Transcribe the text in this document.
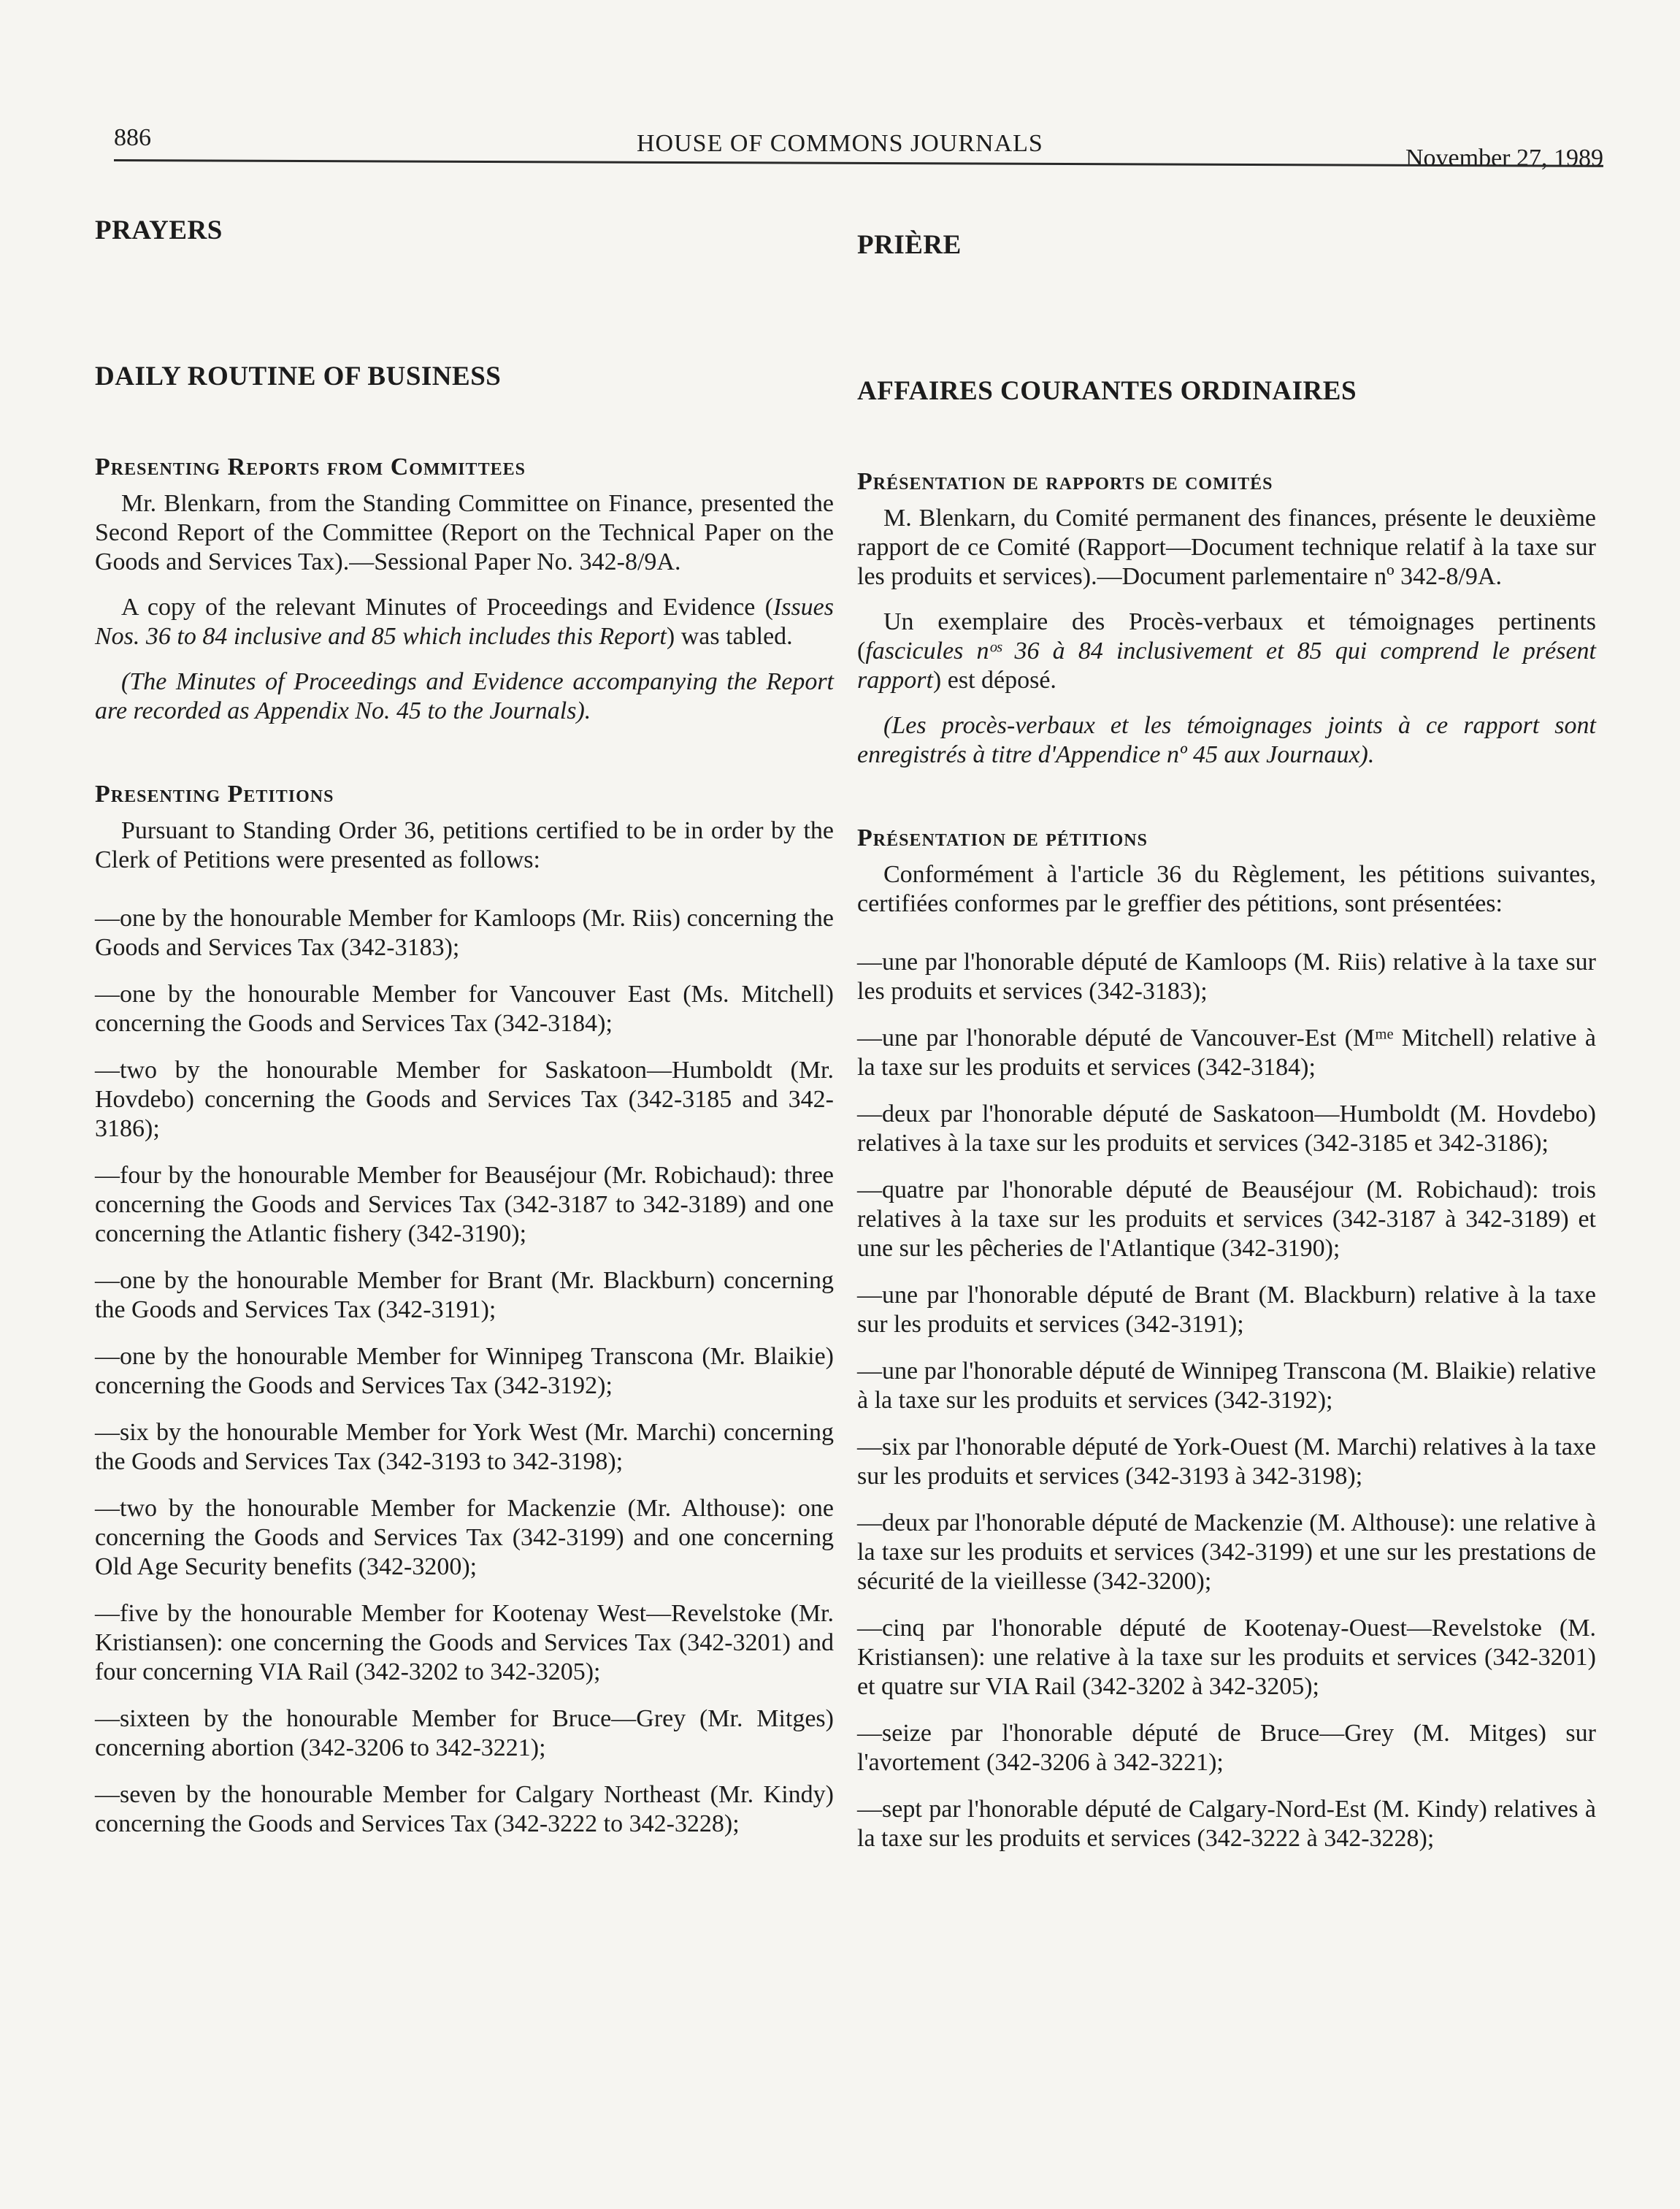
886	HOUSE OF COMMONS JOURNALS
November 27, 1989
PRAYERS
DAILY ROUTINE OF BUSINESS
Presenting Reports from Committees

Mr. Blenkarn, from the Standing Committee on Finance, presented the Second Report of the Committee (Report on the Technical Paper on the Goods and Services Tax).—Sessional Paper No. 342-8/9A.

A copy of the relevant Minutes of Proceedings and Evidence (Issues Nos. 36 to 84 inclusive and 85 which includes this Report) was tabled.

(The Minutes of Proceedings and Evidence accompanying the Report are recorded as Appendix No. 45 to the Journals).

Presenting Petitions

Pursuant to Standing Order 36, petitions certified to be in order by the Clerk of Petitions were presented as follows:

—one by the honourable Member for Kamloops (Mr. Riis) concerning the Goods and Services Tax (342-3183);
—one by the honourable Member for Vancouver East (Ms. Mitchell) concerning the Goods and Services Tax (342-3184);
—two by the honourable Member for Saskatoon—Humboldt (Mr. Hovdebo) concerning the Goods and Services Tax (342-3185 and 342-3186);
—four by the honourable Member for Beauséjour (Mr. Robichaud): three concerning the Goods and Services Tax (342-3187 to 342-3189) and one concerning the Atlantic fishery (342-3190);
—one by the honourable Member for Brant (Mr. Blackburn) concerning the Goods and Services Tax (342-3191);
—one by the honourable Member for Winnipeg Transcona (Mr. Blaikie) concerning the Goods and Services Tax (342-3192);
—six by the honourable Member for York West (Mr. Marchi) concerning the Goods and Services Tax (342-3193 to 342-3198);
—two by the honourable Member for Mackenzie (Mr. Althouse): one concerning the Goods and Services Tax (342-3199) and one concerning Old Age Security benefits (342-3200);
—five by the honourable Member for Kootenay West—Revelstoke (Mr. Kristiansen): one concerning the Goods and Services Tax (342-3201) and four concerning VIA Rail (342-3202 to 342-3205);
—sixteen by the honourable Member for Bruce—Grey (Mr. Mitges) concerning abortion (342-3206 to 342-3221);
—seven by the honourable Member for Calgary Northeast (Mr. Kindy) concerning the Goods and Services Tax (342-3222 to 342-3228);
PRIÈRE
AFFAIRES COURANTES ORDINAIRES
Présentation de rapports de comités

M. Blenkarn, du Comité permanent des finances, présente le deuxième rapport de ce Comité (Rapport—Document technique relatif à la taxe sur les produits et services).—Document parlementaire nº 342-8/9A.

Un exemplaire des Procès-verbaux et témoignages pertinents (fascicules nᵒˢ 36 à 84 inclusivement et 85 qui comprend le présent rapport) est déposé.

(Les procès-verbaux et les témoignages joints à ce rapport sont enregistrés à titre d'Appendice nº 45 aux Journaux).

Présentation de pétitions

Conformément à l'article 36 du Règlement, les pétitions suivantes, certifiées conformes par le greffier des pétitions, sont présentées:

—une par l'honorable député de Kamloops (M. Riis) relative à la taxe sur les produits et services (342-3183);
—une par l'honorable député de Vancouver-Est (Mᵐᵉ Mitchell) relative à la taxe sur les produits et services (342-3184);
—deux par l'honorable député de Saskatoon—Humboldt (M. Hovdebo) relatives à la taxe sur les produits et services (342-3185 et 342-3186);
—quatre par l'honorable député de Beauséjour (M. Robichaud): trois relatives à la taxe sur les produits et services (342-3187 à 342-3189) et une sur les pêcheries de l'Atlantique (342-3190);
—une par l'honorable député de Brant (M. Blackburn) relative à la taxe sur les produits et services (342-3191);
—une par l'honorable député de Winnipeg Transcona (M. Blaikie) relative à la taxe sur les produits et services (342-3192);
—six par l'honorable député de York-Ouest (M. Marchi) relatives à la taxe sur les produits et services (342-3193 à 342-3198);
—deux par l'honorable député de Mackenzie (M. Althouse): une relative à la taxe sur les produits et services (342-3199) et une sur les prestations de sécurité de la vieillesse (342-3200);
—cinq par l'honorable député de Kootenay-Ouest—Revelstoke (M. Kristiansen): une relative à la taxe sur les produits et services (342-3201) et quatre sur VIA Rail (342-3202 à 342-3205);
—seize par l'honorable député de Bruce—Grey (M. Mitges) sur l'avortement (342-3206 à 342-3221);
—sept par l'honorable député de Calgary-Nord-Est (M. Kindy) relatives à la taxe sur les produits et services (342-3222 à 342-3228);
